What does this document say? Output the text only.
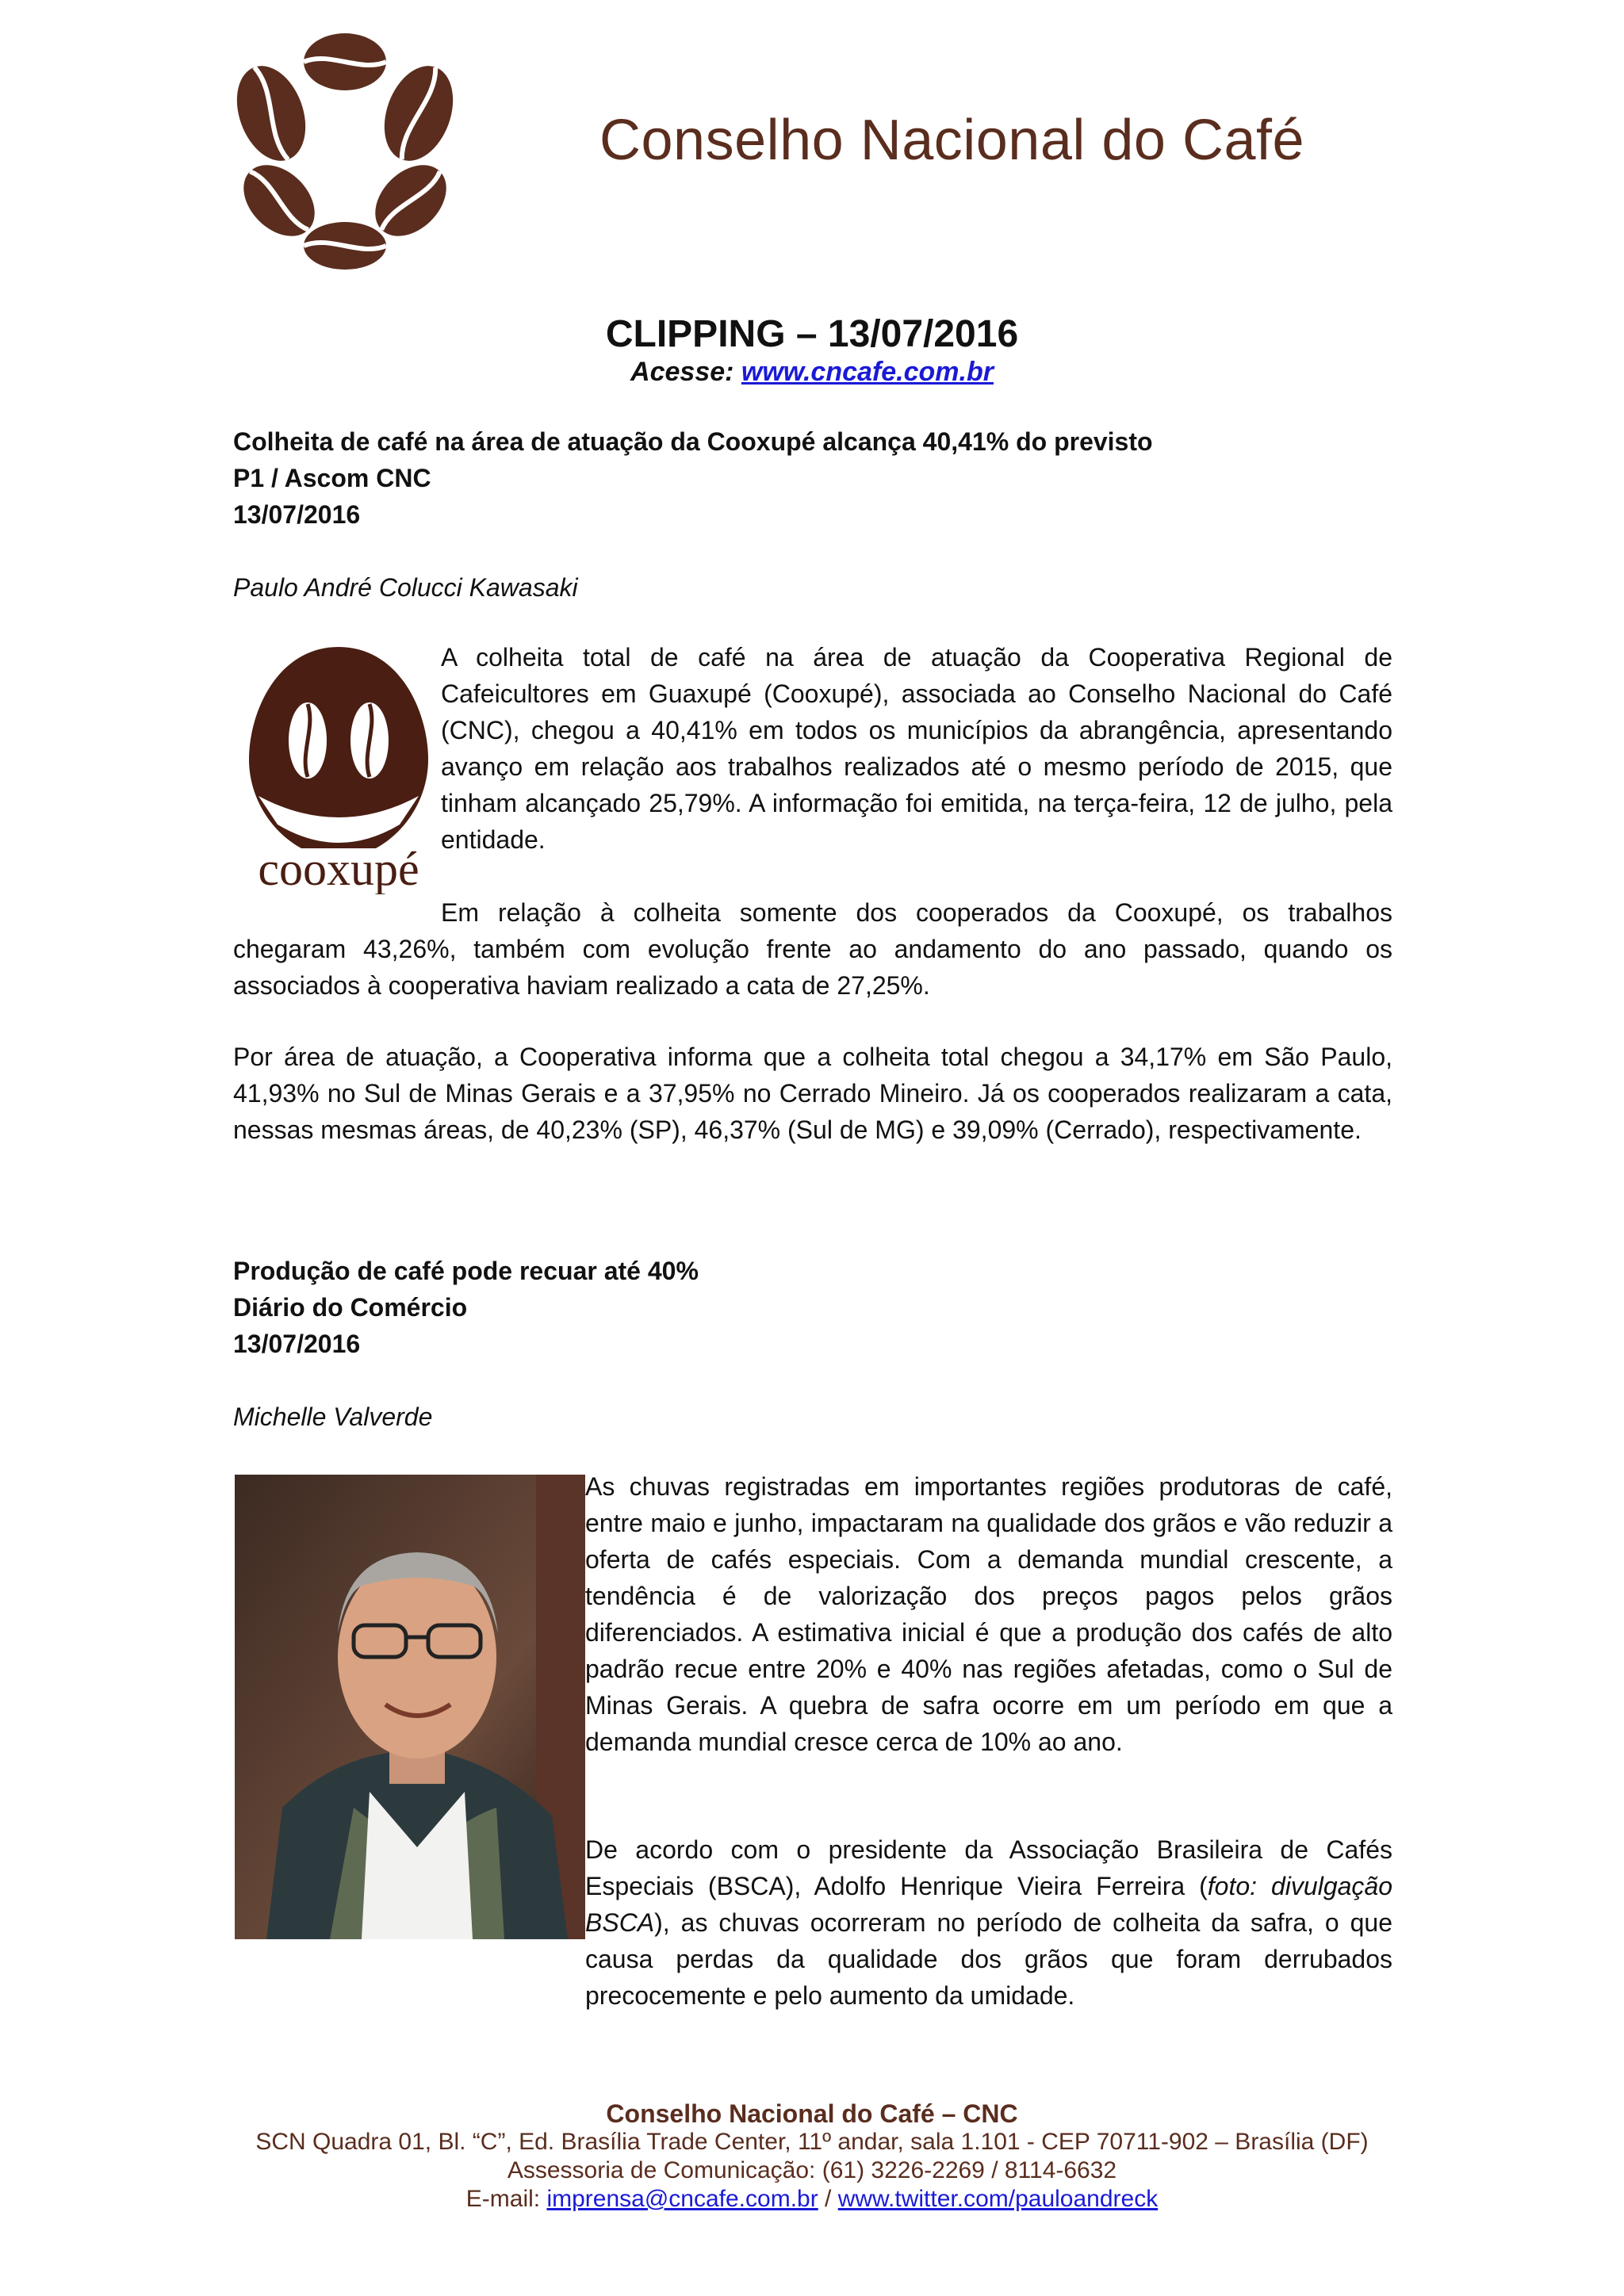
Conselho Nacional do Café
CLIPPING – 13/07/2016
Acesse: www.cncafe.com.br
Colheita de café na área de atuação da Cooxupé alcança 40,41% do previsto
P1 / Ascom CNC
13/07/2016
Paulo André Colucci Kawasaki
cooxupé

A colheita total de café na área de atuação da Cooperativa Regional de Cafeicultores em Guaxupé (Cooxupé), associada ao Conselho Nacional do Café (CNC), chegou a 40,41% em todos os municípios da abrangência, apresentando avanço em relação aos trabalhos realizados até o mesmo período de 2015, que tinham alcançado 25,79%. A informação foi emitida, na terça-feira, 12 de julho, pela entidade.

Em relação à colheita somente dos cooperados da Cooxupé, os trabalhos chegaram 43,26%, também com evolução frente ao andamento do ano passado, quando os associados à cooperativa haviam realizado a cata de 27,25%.

Por área de atuação, a Cooperativa informa que a colheita total chegou a 34,17% em São Paulo, 41,93% no Sul de Minas Gerais e a 37,95% no Cerrado Mineiro. Já os cooperados realizaram a cata, nessas mesmas áreas, de 40,23% (SP), 46,37% (Sul de MG) e 39,09% (Cerrado), respectivamente.

Produção de café pode recuar até 40%
Diário do Comércio
13/07/2016
Michelle Valverde

As chuvas registradas em importantes regiões produtoras de café, entre maio e junho, impactaram na qualidade dos grãos e vão reduzir a oferta de cafés especiais. Com a demanda mundial crescente, a tendência é de valorização dos preços pagos pelos grãos diferenciados. A estimativa inicial é que a produção dos cafés de alto padrão recue entre 20% e 40% nas regiões afetadas, como o Sul de Minas Gerais. A quebra de safra ocorre em um período em que a demanda mundial cresce cerca de 10% ao ano.

De acordo com o presidente da Associação Brasileira de Cafés Especiais (BSCA), Adolfo Henrique Vieira Ferreira (foto: divulgação BSCA), as chuvas ocorreram no período de colheita da safra, o que causa perdas da qualidade dos grãos que foram derrubados precocemente e pelo aumento da umidade.

Conselho Nacional do Café – CNC
SCN Quadra 01, Bl. “C”, Ed. Brasília Trade Center, 11º andar, sala 1.101 - CEP 70711-902 – Brasília (DF)
Assessoria de Comunicação: (61) 3226-2269 / 8114-6632
E-mail: imprensa@cncafe.com.br / www.twitter.com/pauloandreck
